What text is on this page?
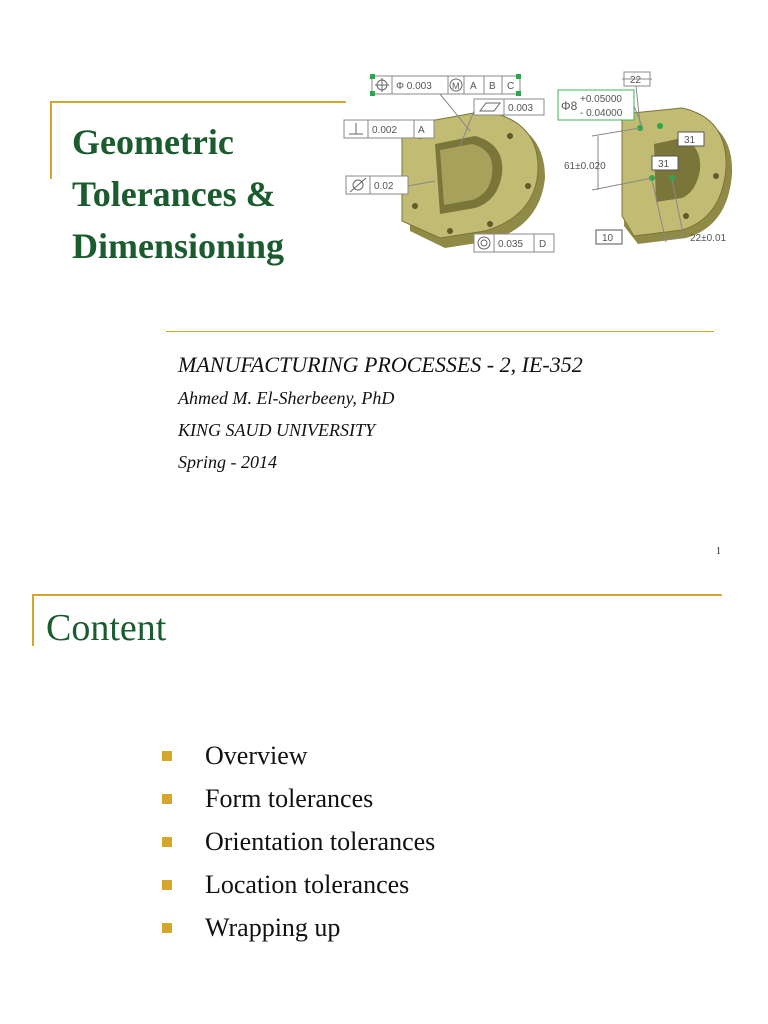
Geometric
Tolerances &
Dimensioning
Φ 0.003 M A B C
0.003
0.002 A
0.02
0.035 D
22
Φ8 +0.05000
- 0.04000
31
31
61±0.020
10	22±0.01
MANUFACTURING PROCESSES - 2, IE-352
Ahmed M. El-Sherbeeny, PhD
KING SAUD UNIVERSITY
Spring - 2014
1
Content
Overview
Form tolerances
Orientation tolerances
Location tolerances
Wrapping up
